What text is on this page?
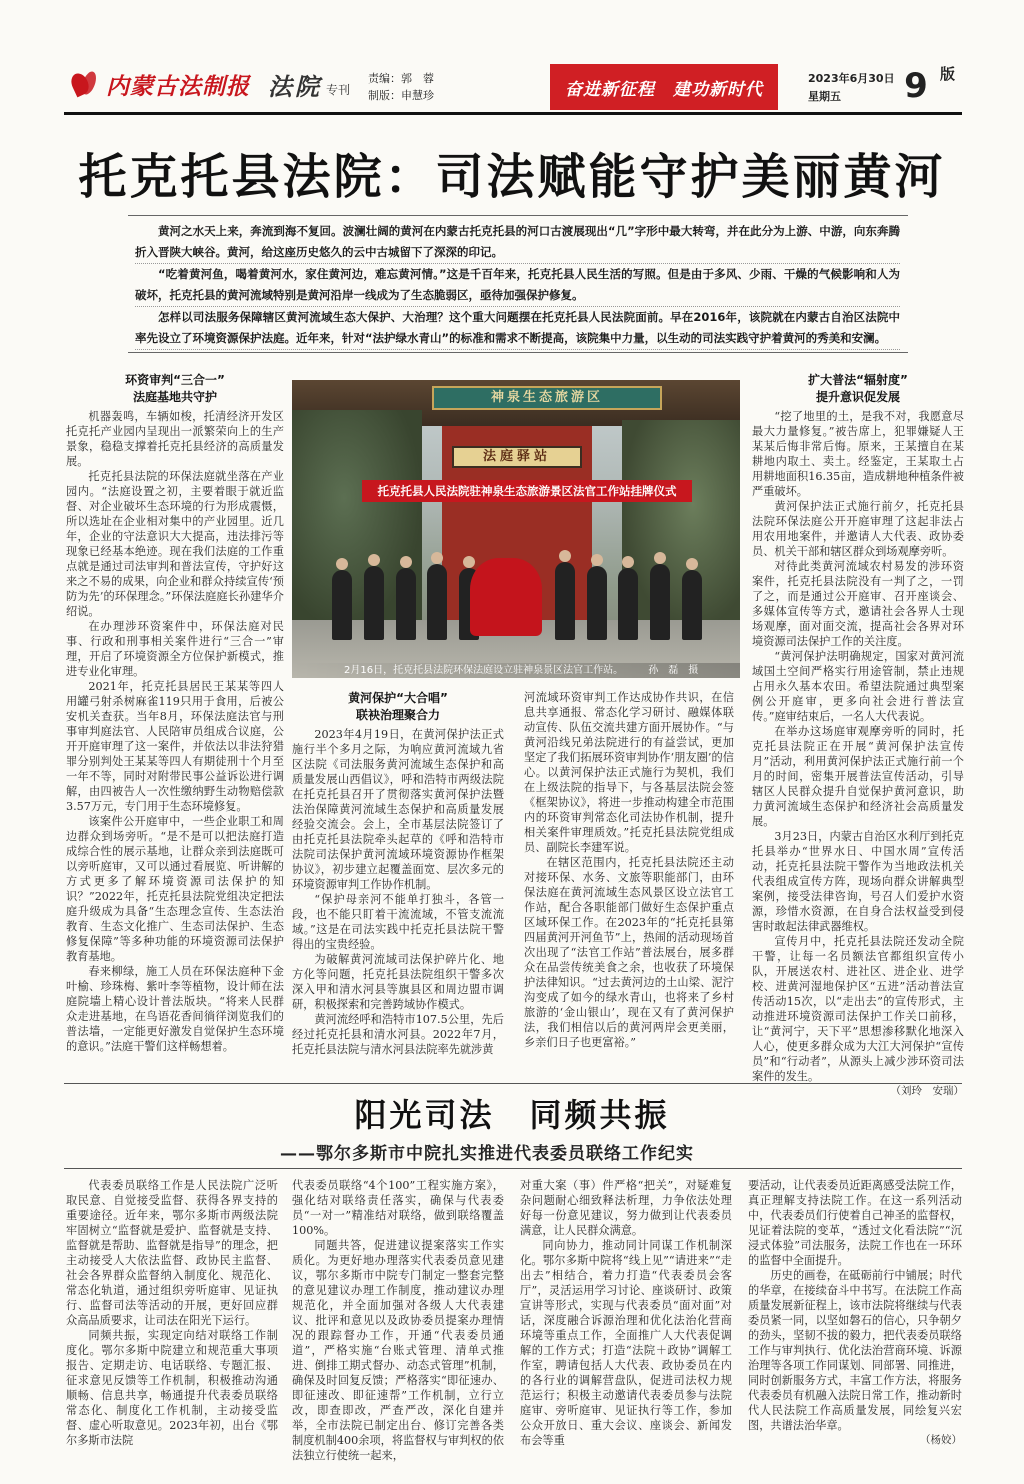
内蒙古法制报 法院 专刊
责编：郭　蓉
制版：申慧珍	奋进新征程　建功新时代
2023年6月30日
星期五	9 版
托克托县法院：司法赋能守护美丽黄河

黄河之水天上来，奔流到海不复回。波澜壮阔的黄河在内蒙古托克托县的河口古渡展现出“几”字形中最大转弯，并在此分为上游、中游，向东奔腾折入晋陕大峡谷。黄河，给这座历史悠久的云中古城留下了深深的印记。

“吃着黄河鱼，喝着黄河水，家住黄河边，难忘黄河情。”这是千百年来，托克托县人民生活的写照。但是由于多风、少雨、干燥的气候影响和人为破坏，托克托县的黄河流域特别是黄河沿岸一线成为了生态脆弱区，亟待加强保护修复。

怎样以司法服务保障辖区黄河流域生态大保护、大治理？这个重大问题摆在托克托县人民法院面前。早在2016年，该院就在内蒙古自治区法院中率先设立了环境资源保护法庭。近年来，针对“法护绿水青山”的标准和需求不断提高，该院集中力量，以生动的司法实践守护着黄河的秀美和安澜。

环资审判“三合一”
法庭基地共守护

机器轰鸣，车辆如梭，托清经济开发区托克托产业园内呈现出一派繁荣向上的生产景象，稳稳支撑着托克托县经济的高质量发展。

托克托县法院的环保法庭就坐落在产业园内。“法庭设置之初，主要着眼于就近监督、对企业破坏生态环境的行为形成震慑，所以选址在企业相对集中的产业园里。近几年，企业的守法意识大大提高，违法排污等现象已经基本绝迹。现在我们法庭的工作重点就是通过司法审判和普法宣传，守护好这来之不易的成果，向企业和群众持续宣传‘预防为先’的环保理念。”环保法庭庭长孙建华介绍说。

在办理涉环资案件中，环保法庭对民事、行政和刑事相关案件进行“三合一”审理，开启了环境资源全方位保护新模式，推进专业化审理。

2021年，托克托县居民王某某等四人用罐弓射杀树麻雀119只用于食用，后被公安机关查获。当年8月，环保法庭法官与刑事审判庭法官、人民陪审员组成合议庭，公开开庭审理了这一案件，并依法以非法狩猎罪分别判处王某某等四人有期徒刑十个月至一年不等，同时对附带民事公益诉讼进行调解，由四被告人一次性缴纳野生动物赔偿款3.57万元，专门用于生态环境修复。

该案件公开庭审中，一些企业职工和周边群众到场旁听。“是不是可以把法庭打造成综合性的展示基地，让群众亲到法庭既可以旁听庭审，又可以通过看展览、听讲解的方式更多了解环境资源司法保护的知识？”2022年，托克托县法院党组决定把法庭升级成为具备“生态理念宣传、生态法治教育、生态文化推广、生态司法保护、生态修复保障”等多种功能的环境资源司法保护教育基地。

春来柳绿，施工人员在环保法庭种下金叶榆、珍珠梅、紫叶李等植物，设计师在法庭院墙上精心设计普法版块。“将来人民群众走进基地，在鸟语花香间徜徉浏览我们的普法墙，一定能更好激发自觉保护生态环境的意识。”法庭干警们这样畅想着。

神泉生态旅游区
法庭驿站
托克托县人民法院驻神泉生态旅游景区法官工作站挂牌仪式
2月16日，托克托县法院环保法庭设立驻神泉景区法官工作站。	孙　磊　摄
黄河保护“大合唱”
联袂治理聚合力

2023年4月19日，在黄河保护法正式施行半个多月之际，为响应黄河流域九省区法院《司法服务黄河流域生态保护和高质量发展山西倡议》，呼和浩特市两级法院在托克托县召开了贯彻落实黄河保护法暨法治保障黄河流域生态保护和高质量发展经验交流会。会上，全市基层法院签订了由托克托县法院牵头起草的《呼和浩特市法院司法保护黄河流域环境资源协作框架协议》，初步建立起覆盖面宽、层次多元的环境资源审判工作协作机制。

“保护母亲河不能单打独斗，各管一段，也不能只盯着干流流域，不管支流流域。”这是在司法实践中托克托县法院干警得出的宝贵经验。

为破解黄河流域司法保护碎片化、地方化等问题，托克托县法院组织干警多次深入甲和清水河县等旗县区和周边盟市调研，积极探索和完善跨域协作模式。

黄河流经呼和浩特市107.5公里，先后经过托克托县和清水河县。2022年7月，托克托县法院与清水河县法院率先就涉黄

河流域环资审判工作达成协作共识，在信息共享通报、常态化学习研讨、融媒体联动宣传、队伍交流共建方面开展协作。“与黄河沿线兄弟法院进行的有益尝试，更加坚定了我们拓展环资审判协作‘朋友圈’的信心。以黄河保护法正式施行为契机，我们在上级法院的指导下，与各基层法院会签《框架协议》，将进一步推动构建全市范围内的环资审判常态化司法协作机制，提升相关案件审理质效。”托克托县法院党组成员、副院长李建军说。

在辖区范围内，托克托县法院还主动对接环保、水务、文旅等职能部门，由环保法庭在黄河流域生态风景区设立法官工作站，配合各职能部门做好生态保护重点区域环保工作。在2023年的“托克托县第四届黄河开河鱼节”上，热闹的活动现场首次出现了“法官工作站”普法展台，展多群众在品尝传统美食之余，也收获了环境保护法律知识。“过去黄河边的土山梁、泥泞沟变成了如今的绿水青山，也将来了乡村旅游的‘金山银山’，现在又有了黄河保护法，我们相信以后的黄河两岸会更美丽，乡亲们日子也更富裕。”

扩大普法“辐射度”
提升意识促发展

“挖了地里的土，是我不对，我愿意尽最大力量修复。”被告席上，犯罪嫌疑人王某某后悔非常后悔。原来，王某擅自在某耕地内取土、卖土。经鉴定，王某取土占用耕地面积16.35亩，造成耕地种植条件被严重破坏。

黄河保护法正式施行前夕，托克托县法院环保法庭公开开庭审理了这起非法占用农用地案件，并邀请人大代表、政协委员、机关干部和辖区群众到场观摩旁听。

对待此类黄河流域农村易发的涉环资案件，托克托县法院没有一判了之，一罚了之，而是通过公开庭审、召开座谈会、多媒体宣传等方式，邀请社会各界人士现场观摩，面对面交流，提高社会各界对环境资源司法保护工作的关注度。

“黄河保护法明确规定，国家对黄河流域国土空间严格实行用途管制，禁止违规占用永久基本农田。希望法院通过典型案例公开庭审，更多向社会进行普法宣传。”庭审结束后，一名人大代表说。

在举办这场庭审观摩旁听的同时，托克托县法院正在开展“黄河保护法宣传月”活动，利用黄河保护法正式施行前一个月的时间，密集开展普法宣传活动，引导辖区人民群众提升自觉保护黄河意识，助力黄河流域生态保护和经济社会高质量发展。

3月23日，内蒙古自治区水利厅到托克托县举办“世界水日、中国水周”宣传活动，托克托县法院干警作为当地政法机关代表组成宣传方阵，现场向群众讲解典型案例，接受法律咨询，号召人们爱护水资源，珍惜水资源，在自身合法权益受到侵害时敢起法律武器维权。

宣传月中，托克托县法院还发动全院干警，让每一名员额法官都组织宣传小队，开展送农村、进社区、进企业、进学校、进黄河湿地保护区“五进”活动普法宣传活动15次，以“走出去”的宣传形式，主动推进环境资源司法保护工作关口前移，让“黄河宁，天下平”思想渗移默化地深入人心，使更多群众成为大江大河保护“宣传员”和“行动者”，从源头上减少涉环资司法案件的发生。

（刘玲　安瑞）

阳光司法　同频共振
——鄂尔多斯市中院扎实推进代表委员联络工作纪实

代表委员联络工作是人民法院广泛听取民意、自觉接受监督、获得各界支持的重要途径。近年来，鄂尔多斯市两级法院牢固树立“监督就是爱护、监督就是支持、监督就是帮助、监督就是指导”的理念，把主动接受人大依法监督、政协民主监督、社会各界群众监督纳入制度化、规范化、常态化轨道，通过组织旁听庭审、见证执行、监督司法等活动的开展，更好回应群众高品质要求，让司法在阳光下运行。

同频共振，实现定向结对联络工作制度化。鄂尔多斯中院建立和规范重大事项报告、定期走访、电话联络、专题汇报、征求意见反馈等工作机制，积极推动沟通顺畅、信息共享，畅通提升代表委员联络常态化、制度化工作机制，主动接受监督、虚心听取意见。2023年初，出台《鄂尔多斯市法院

代表委员联络“4个100”工程实施方案》，强化结对联络责任落实，确保与代表委员“一对一”精准结对联络，做到联络覆盖100%。

同题共答，促进建议提案落实工作实质化。为更好地办理落实代表委员意见建议，鄂尔多斯市中院专门制定一整套完整的意见建议办理工作制度，推动建议办理规范化，并全面加强对各级人大代表建议、批评和意见以及政协委员提案办理情况的跟踪督办工作，开通“代表委员通道”，严格实施“台账式管理、清单式推进、倒排工期式督办、动态式管理”机制，确保及时回复反馈；严格落实“即征速办、即征速改、即征速帮”工作机制，立行立改，即查即改，严查严改，深化自建并举，全市法院已制定出台、修订完善各类制度机制400余项，将监督权与审判权的依法独立行使统一起来，

对重大案（事）件严格“把关”，对疑难复杂问题耐心细致释法析理，力争依法处理好每一份意见建议，努力做到让代表委员满意，让人民群众满意。

同向协力，推动同计同谋工作机制深化。鄂尔多斯中院将“线上见”“请进来”“走出去”相结合，着力打造“代表委员会客厅”，灵活运用学习讨论、座谈研讨、政策宣讲等形式，实现与代表委员“面对面”对话，深度融合诉源治理和优化法治化营商环境等重点工作，全面推广人大代表促调解的工作方式；打造“法院＋政协”调解工作室，聘请包括人大代表、政协委员在内的各行业的调解营盘队，促进司法权力规范运行；积极主动邀请代表委员参与法院庭审、旁听庭审、见证执行等工作，参加公众开放日、重大会议、座谈会、新闻发布会等重

要活动，让代表委员近距离感受法院工作，真正理解支持法院工作。在这一系列活动中，代表委员们行使着自己神圣的监督权，见证着法院的变革，“透过文化看法院”“沉浸式体验”司法服务，法院工作也在一环环的监督中全面提升。

历史的画卷，在砥砺前行中铺展；时代的华章，在接续奋斗中书写。在法院工作高质量发展新征程上，该市法院将继续与代表委员紧一同，以坚如磐石的信心，只争朝夕的劲头，坚韧不拔的毅力，把代表委员联络工作与审判执行、优化法治营商环境、诉源治理等各项工作同谋划、同部署、同推进，同时创新服务方式，丰富工作方法，将服务代表委员有机融入法院日常工作，推动新时代人民法院工作高质量发展，同绘复兴宏图，共谱法治华章。

（杨姣）
